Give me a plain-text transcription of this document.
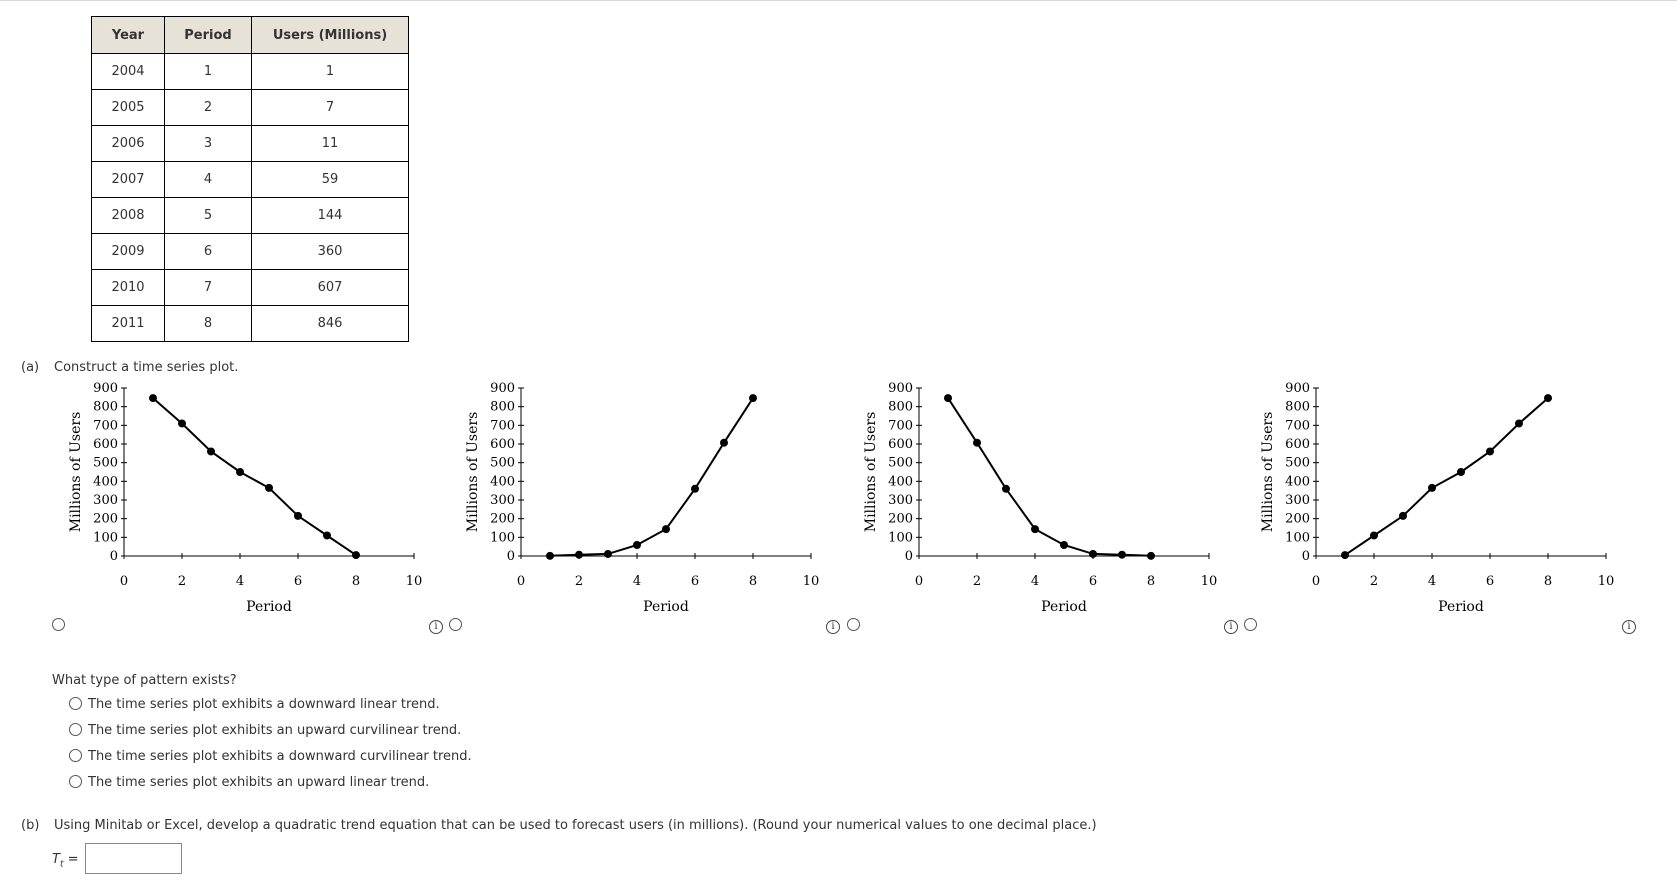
Year	Period	Users (Millions)
2004	1	1
2005	2	7
2006	3	11
2007	4	59
2008	5	144
2009	6	360
2010	7	607
2011	8	846
(a) Construct a time series plot.
0	2	4	6	8	10
0
100
200
300
400
500
600
700
800
900
Period
Millions of Users
0	2	4	6	8	10
0
100
200
300
400
500
600
700
800
900
Period
Millions of Users
0	2	4	6	8	10
0
100
200
300
400
500
600
700
800
900
Period
Millions of Users
0	2	4	6	8	10
0
100
200
300
400
500
600
700
800
900
Period
Millions of Users
i	i	i	i
What type of pattern exists?
The time series plot exhibits a downward linear trend.
The time series plot exhibits an upward curvilinear trend.
The time series plot exhibits a downward curvilinear trend.
The time series plot exhibits an upward linear trend.
(b) Using Minitab or Excel, develop a quadratic trend equation that can be used to forecast users (in millions). (Round your numerical values to one decimal place.)
$T_t$ =
